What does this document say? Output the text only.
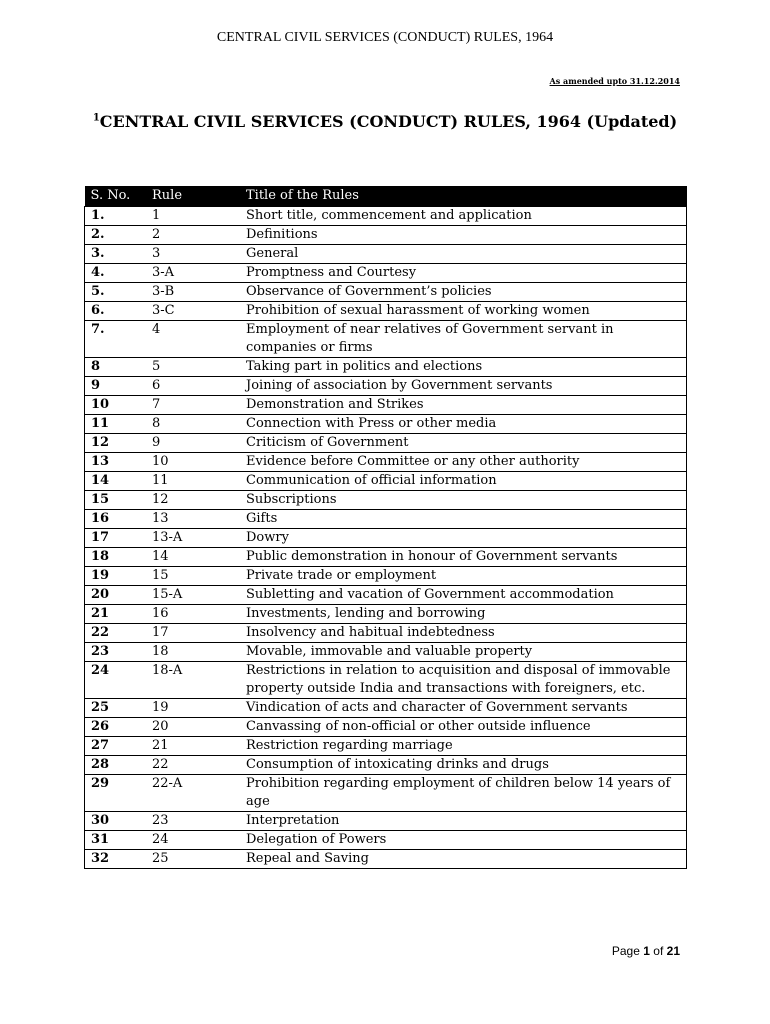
CENTRAL CIVIL SERVICES (CONDUCT) RULES, 1964
As amended upto 31.12.2014
$^1$CENTRAL CIVIL SERVICES (CONDUCT) RULES, 1964 (Updated)
S. No.	Rule	Title of the Rules
1.	1	Short title, commencement and application
2.	2	Definitions
3.	3	General
4.	3-A	Promptness and Courtesy
5.	3-B	Observance of Government’s policies
6.	3-C	Prohibition of sexual harassment of working women
7.	4	Employment of near relatives of Government servant in companies or firms
8	5	Taking part in politics and elections
9	6	Joining of association by Government servants
10	7	Demonstration and Strikes
11	8	Connection with Press or other media
12	9	Criticism of Government
13	10	Evidence before Committee or any other authority
14	11	Communication of official information
15	12	Subscriptions
16	13	Gifts
17	13-A	Dowry
18	14	Public demonstration in honour of Government servants
19	15	Private trade or employment
20	15-A	Subletting and vacation of Government accommodation
21	16	Investments, lending and borrowing
22	17	Insolvency and habitual indebtedness
23	18	Movable, immovable and valuable property
24	18-A	Restrictions in relation to acquisition and disposal of immovable property outside India and transactions with foreigners, etc.
25	19	Vindication of acts and character of Government servants
26	20	Canvassing of non-official or other outside influence
27	21	Restriction regarding marriage
28	22	Consumption of intoxicating drinks and drugs
29	22-A	Prohibition regarding employment of children below 14 years of age
30	23	Interpretation
31	24	Delegation of Powers
32	25	Repeal and Saving
Page 1 of 21
